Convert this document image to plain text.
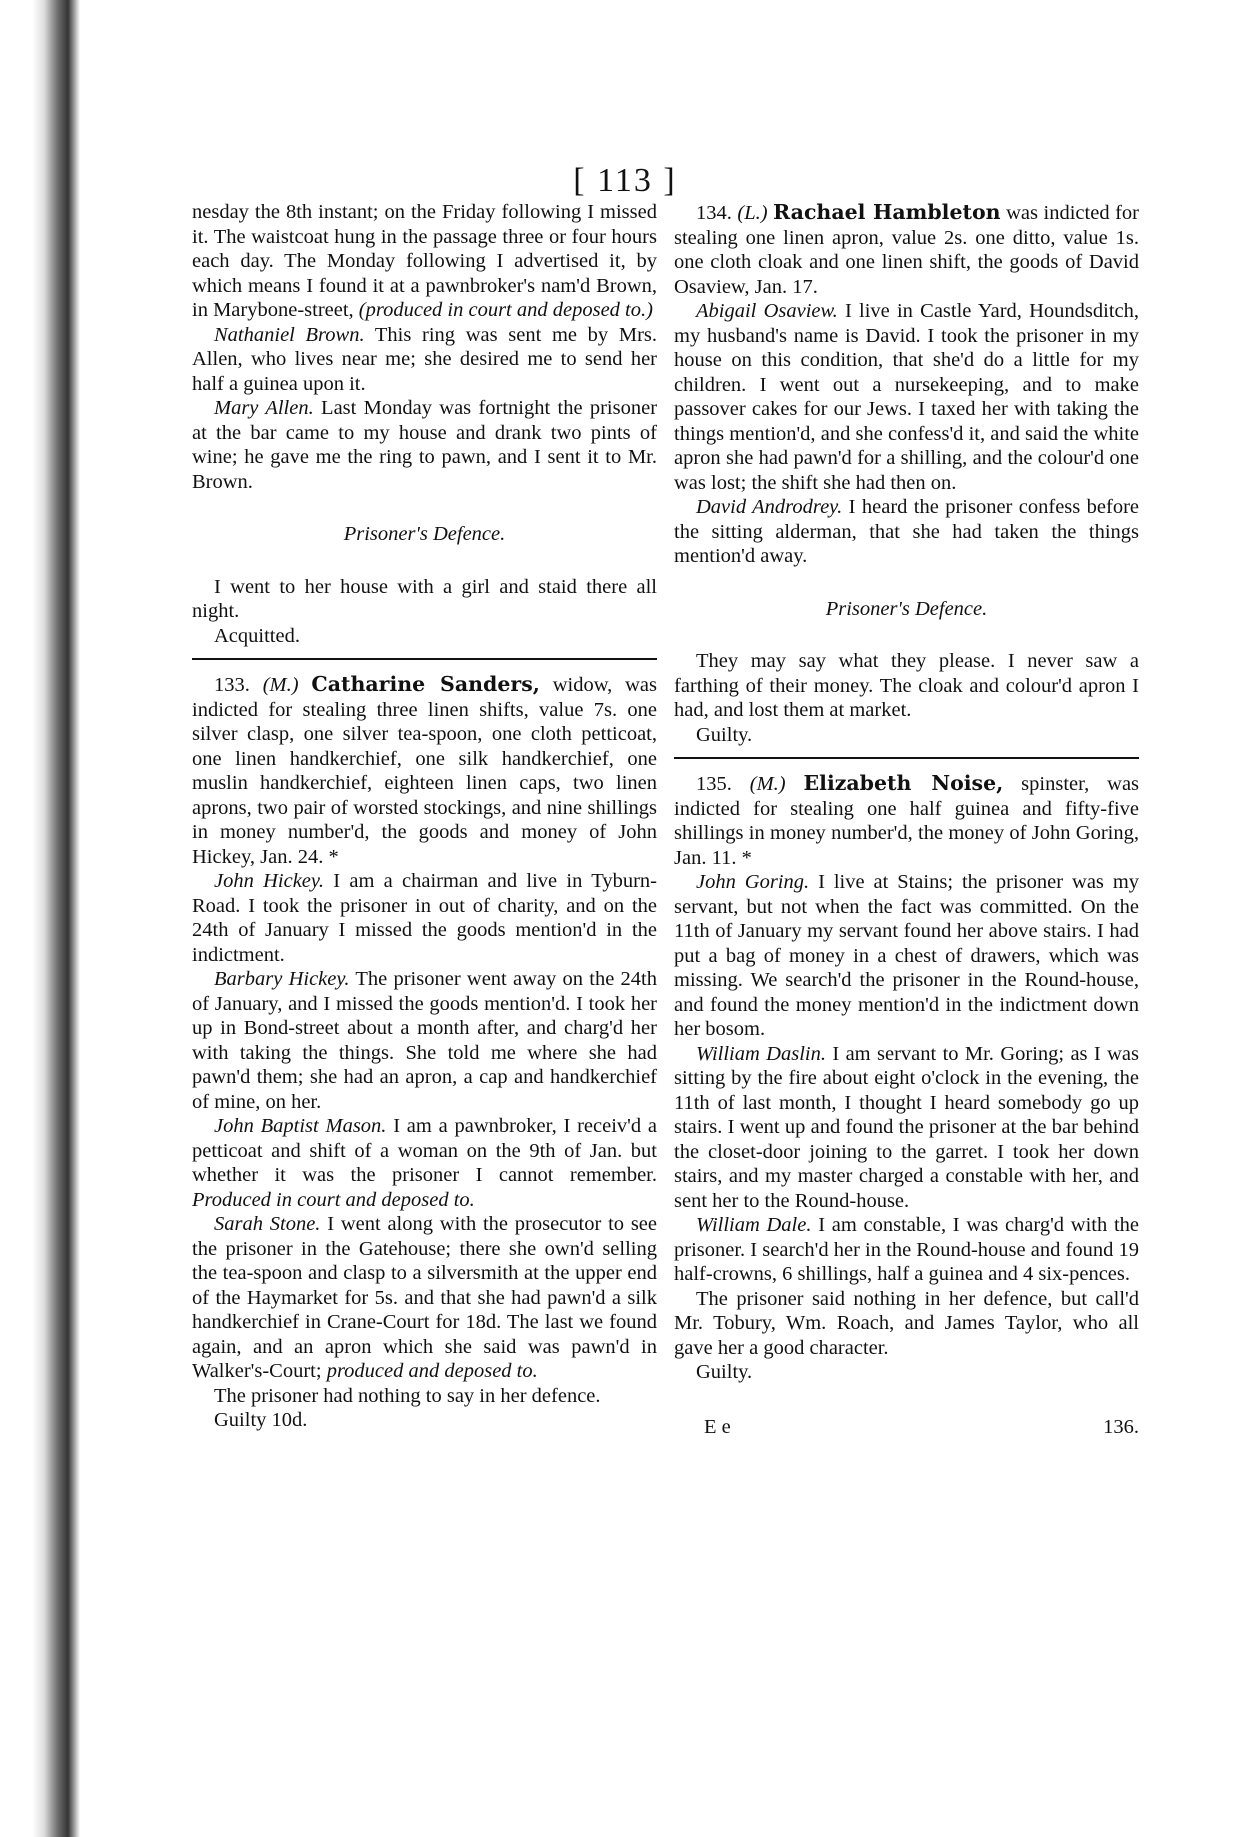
[ 113 ]

nesday the 8th instant; on the Friday following I missed it. The waistcoat hung in the passage three or four hours each day. The Monday following I advertised it, by which means I found it at a pawnbroker's nam'd Brown, in Marybone-street, (produced in court and deposed to.)

Nathaniel Brown. This ring was sent me by Mrs. Allen, who lives near me; she desired me to send her half a guinea upon it.

Mary Allen. Last Monday was fortnight the prisoner at the bar came to my house and drank two pints of wine; he gave me the ring to pawn, and I sent it to Mr. Brown.

Prisoner's Defence.

I went to her house with a girl and staid there all night.

Acquitted.

133. (M.) Catharine Sanders, widow, was indicted for stealing three linen shifts, value 7s. one silver clasp, one silver tea-spoon, one cloth petticoat, one linen handkerchief, one silk handkerchief, one muslin handkerchief, eighteen linen caps, two linen aprons, two pair of worsted stockings, and nine shillings in money number'd, the goods and money of John Hickey, Jan. 24. *

John Hickey. I am a chairman and live in Tyburn-Road. I took the prisoner in out of charity, and on the 24th of January I missed the goods mention'd in the indictment.

Barbary Hickey. The prisoner went away on the 24th of January, and I missed the goods mention'd. I took her up in Bond-street about a month after, and charg'd her with taking the things. She told me where she had pawn'd them; she had an apron, a cap and handkerchief of mine, on her.

John Baptist Mason. I am a pawnbroker, I receiv'd a petticoat and shift of a woman on the 9th of Jan. but whether it was the prisoner I cannot remember. Produced in court and deposed to.

Sarah Stone. I went along with the prosecutor to see the prisoner in the Gatehouse; there she own'd selling the tea-spoon and clasp to a silversmith at the upper end of the Haymarket for 5s. and that she had pawn'd a silk handkerchief in Crane-Court for 18d. The last we found again, and an apron which she said was pawn'd in Walker's-Court; produced and deposed to.

The prisoner had nothing to say in her defence.

Guilty 10d.

134. (L.) Rachael Hambleton was indicted for stealing one linen apron, value 2s. one ditto, value 1s. one cloth cloak and one linen shift, the goods of David Osaview, Jan. 17.

Abigail Osaview. I live in Castle Yard, Houndsditch, my husband's name is David. I took the prisoner in my house on this condition, that she'd do a little for my children. I went out a nursekeeping, and to make passover cakes for our Jews. I taxed her with taking the things mention'd, and she confess'd it, and said the white apron she had pawn'd for a shilling, and the colour'd one was lost; the shift she had then on.

David Androdrey. I heard the prisoner confess before the sitting alderman, that she had taken the things mention'd away.

Prisoner's Defence.

They may say what they please. I never saw a farthing of their money. The cloak and colour'd apron I had, and lost them at market.

Guilty.

135. (M.) Elizabeth Noise, spinster, was indicted for stealing one half guinea and fifty-five shillings in money number'd, the money of John Goring, Jan. 11. *

John Goring. I live at Stains; the prisoner was my servant, but not when the fact was committed. On the 11th of January my servant found her above stairs. I had put a bag of money in a chest of drawers, which was missing. We search'd the prisoner in the Round-house, and found the money mention'd in the indictment down her bosom.

William Daslin. I am servant to Mr. Goring; as I was sitting by the fire about eight o'clock in the evening, the 11th of last month, I thought I heard somebody go up stairs. I went up and found the prisoner at the bar behind the closet-door joining to the garret. I took her down stairs, and my master charged a constable with her, and sent her to the Round-house.

William Dale. I am constable, I was charg'd with the prisoner. I search'd her in the Round-house and found 19 half-crowns, 6 shillings, half a guinea and 4 six-pences.

The prisoner said nothing in her defence, but call'd Mr. Tobury, Wm. Roach, and James Taylor, who all gave her a good character.

Guilty.

E e	136.
